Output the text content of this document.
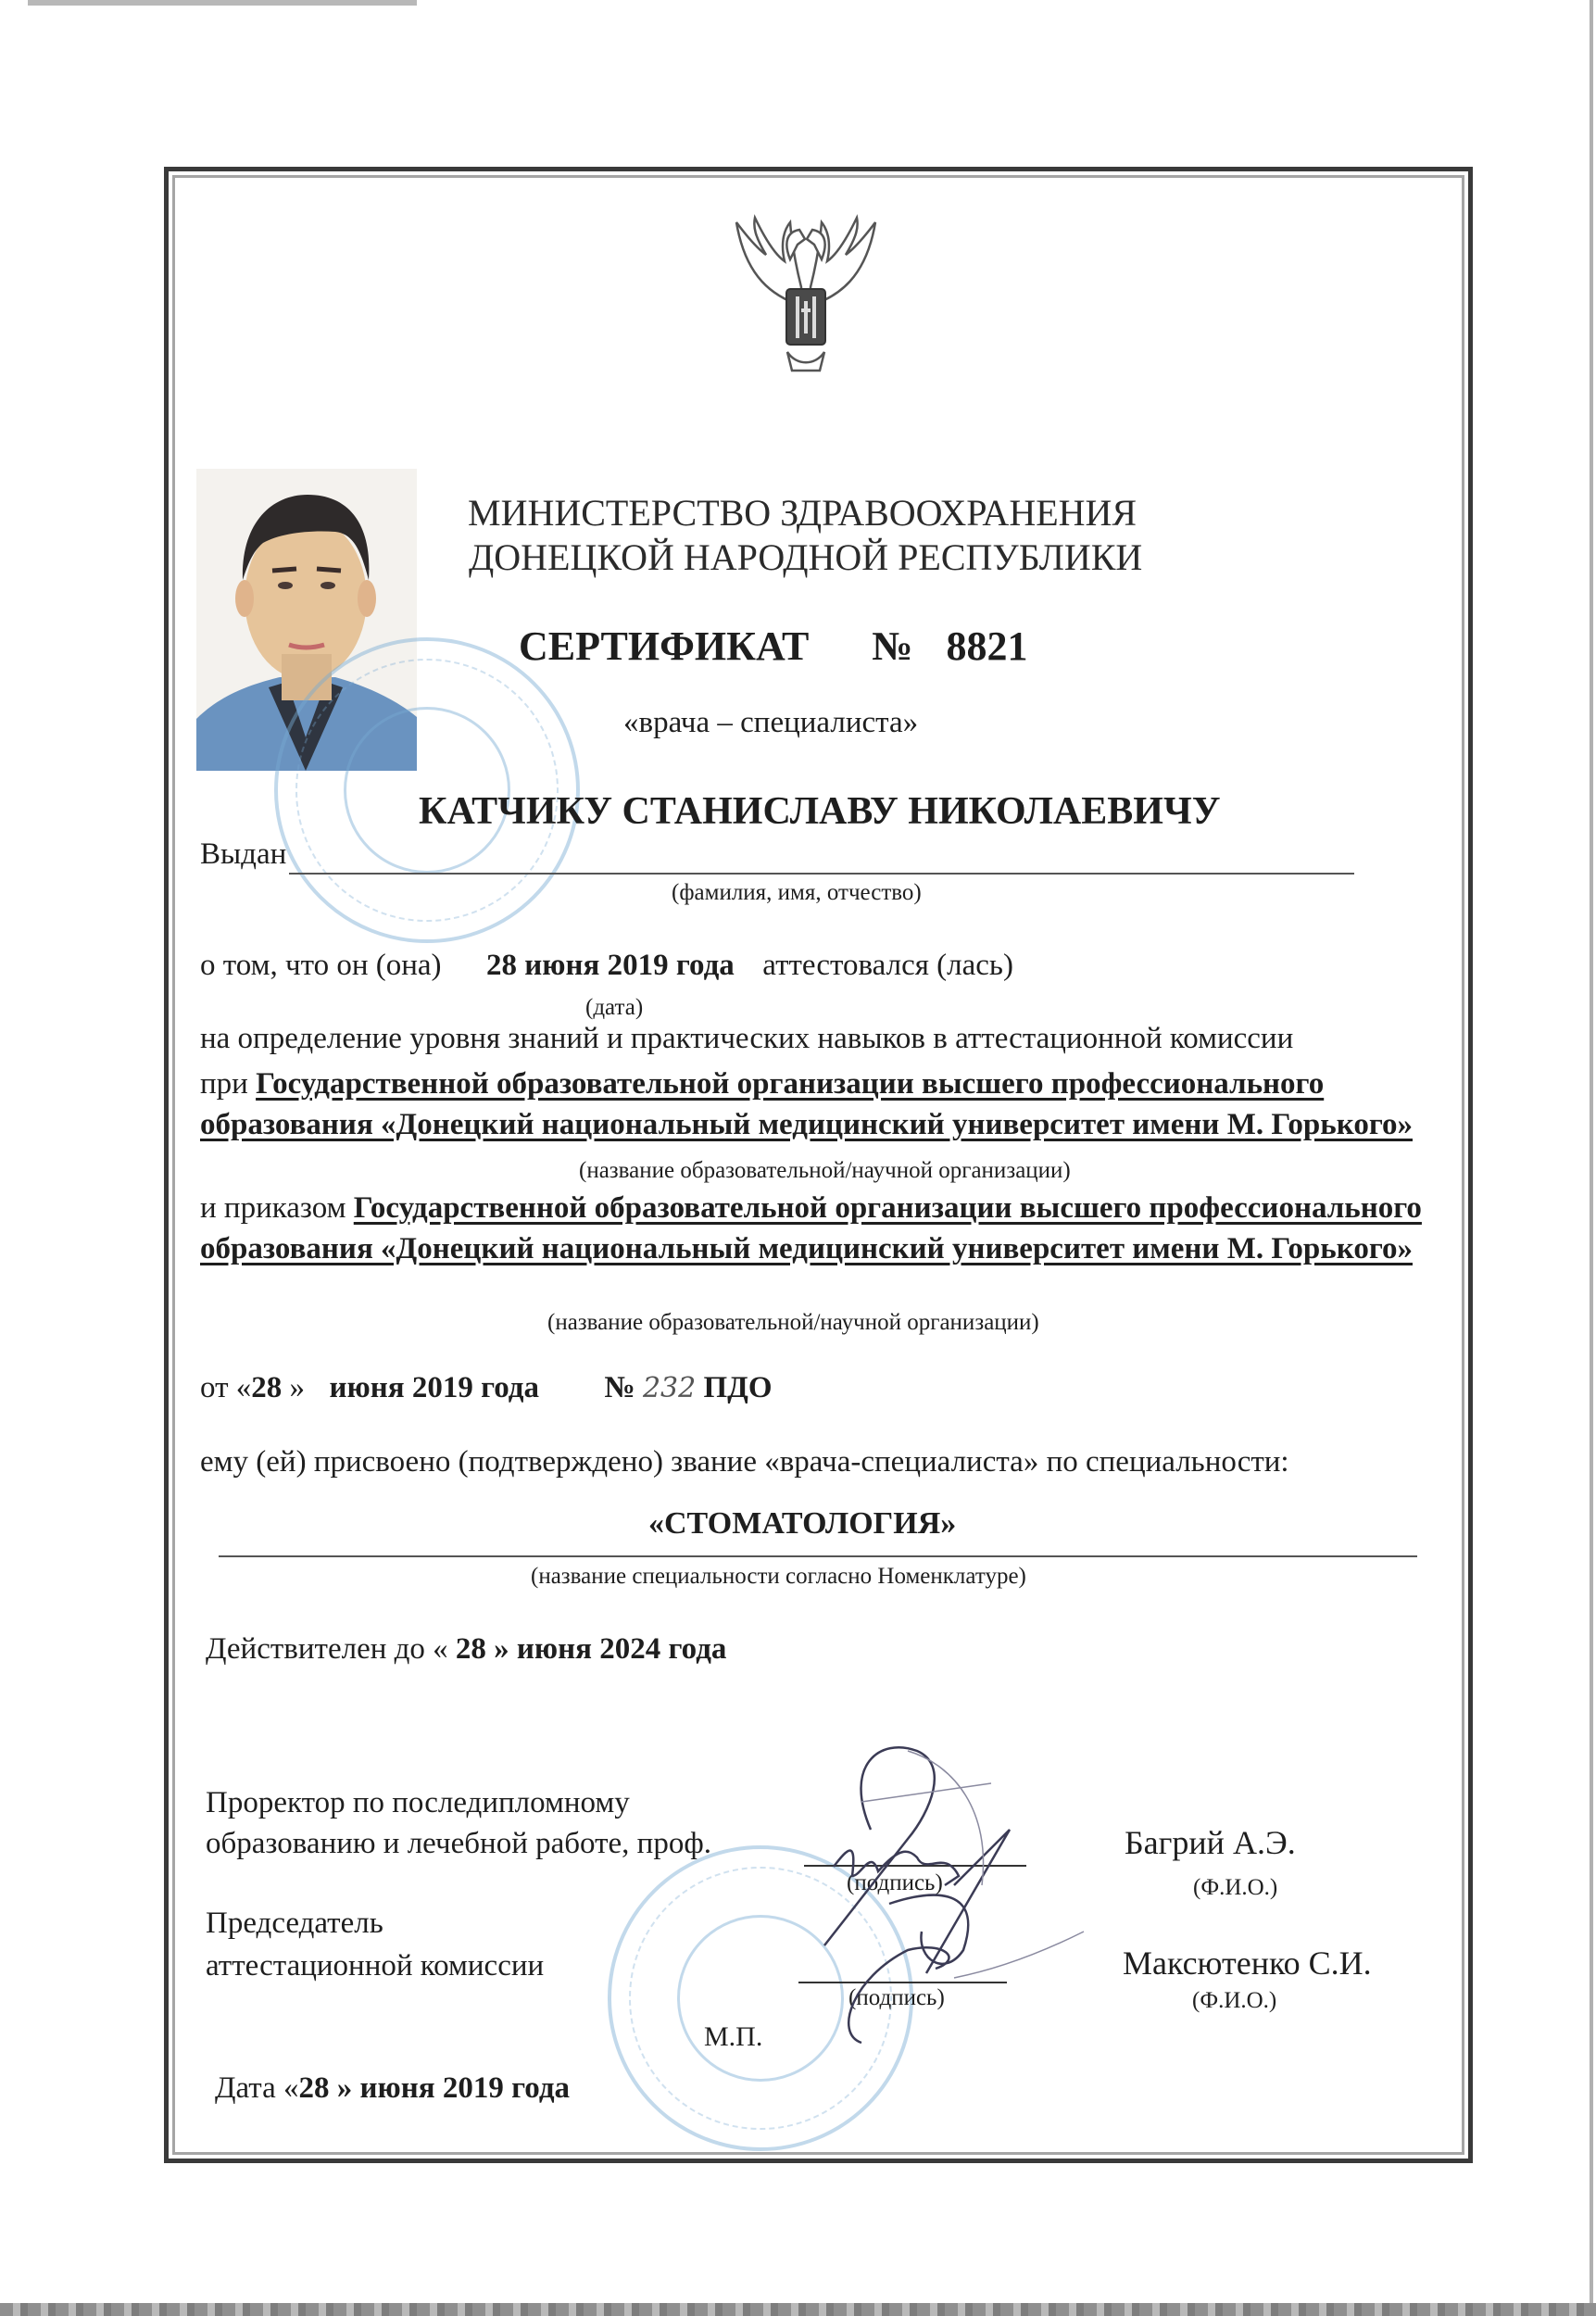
МИНИСТЕРСТВО ЗДРАВООХРАНЕНИЯ
ДОНЕЦКОЙ НАРОДНОЙ РЕСПУБЛИКИ
СЕРТИФИКАТ № 8821
«врача – специалиста»
КАТЧИКУ СТАНИСЛАВУ НИКОЛАЕВИЧУ
Выдан
(фамилия, имя, отчество)
о том, что он (она) 28 июня 2019 года аттестовался (лась)
(дата)
на определение уровня знаний и практических навыков в аттестационной комиссии
при Государственной образовательной организации высшего профессионального
образования «Донецкий национальный медицинский университет имени М. Горького»
(название образовательной/научной организации)
и приказом Государственной образовательной организации высшего профессионального
образования «Донецкий национальный медицинский университет имени М. Горького»
(название образовательной/научной организации)
от «28 » июня 2019 года № 232 ПДО
ему (ей) присвоено (подтверждено) звание «врача-специалиста» по специальности:
«СТОМАТОЛОГИЯ»
(название специальности согласно Номенклатуре)
Действителен до « 28 » июня 2024 года
Проректор по последипломному
образованию и лечебной работе, проф.
(подпись)
Багрий А.Э.
(Ф.И.О.)
Председатель
аттестационной комиссии
(подпись)
Максютенко С.И.
(Ф.И.О.)
М.П.
Дата «28 » июня 2019 года
